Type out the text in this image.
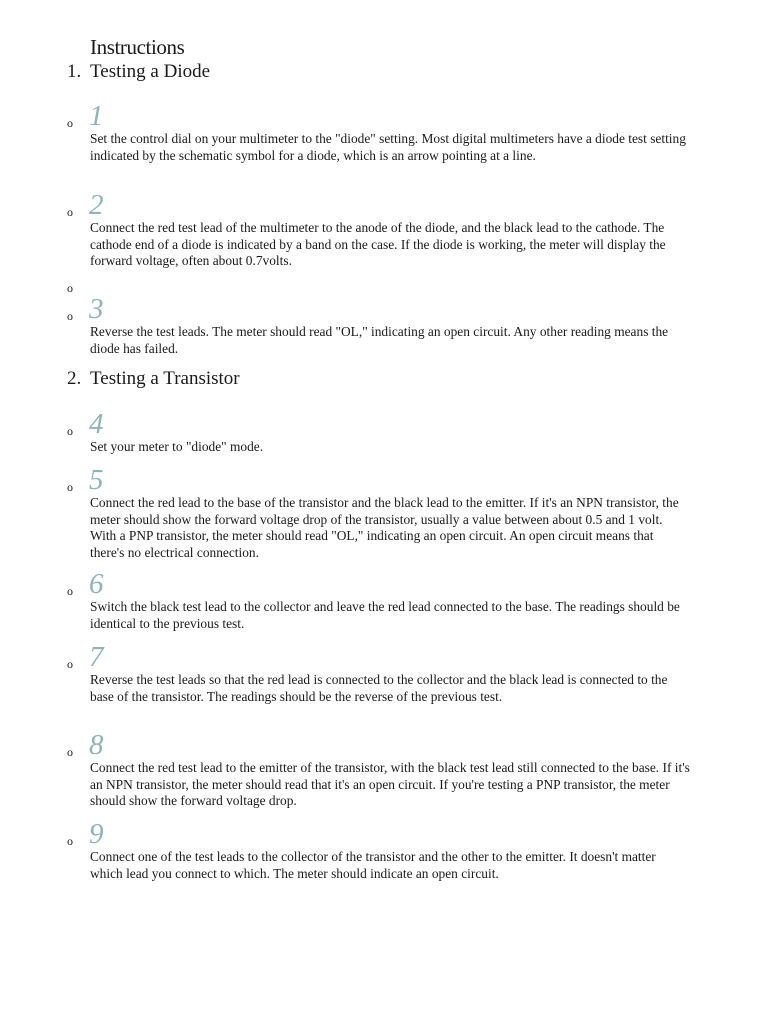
Instructions
1. Testing a Diode
o 1

Set the control dial on your multimeter to the "diode" setting. Most digital multimeters have a diode test setting indicated by the schematic symbol for a diode, which is an arrow pointing at a line.

o 2

Connect the red test lead of the multimeter to the anode of the diode, and the black lead to the cathode. The cathode end of a diode is indicated by a band on the case. If the diode is working, the meter will display the forward voltage, often about 0.7volts.

o
o 3

Reverse the test leads. The meter should read "OL," indicating an open circuit. Any other reading means the diode has failed.

2. Testing a Transistor
o 4

Set your meter to "diode" mode.

o 5

Connect the red lead to the base of the transistor and the black lead to the emitter. If it's an NPN transistor, the meter should show the forward voltage drop of the transistor, usually a value between about 0.5 and 1 volt. With a PNP transistor, the meter should read "OL," indicating an open circuit. An open circuit means that there's no electrical connection.

o 6

Switch the black test lead to the collector and leave the red lead connected to the base. The readings should be identical to the previous test.

o 7

Reverse the test leads so that the red lead is connected to the collector and the black lead is connected to the base of the transistor. The readings should be the reverse of the previous test.

o 8

Connect the red test lead to the emitter of the transistor, with the black test lead still connected to the base. If it's an NPN transistor, the meter should read that it's an open circuit. If you're testing a PNP transistor, the meter should show the forward voltage drop.

o 9

Connect one of the test leads to the collector of the transistor and the other to the emitter. It doesn't matter which lead you connect to which. The meter should indicate an open circuit.
